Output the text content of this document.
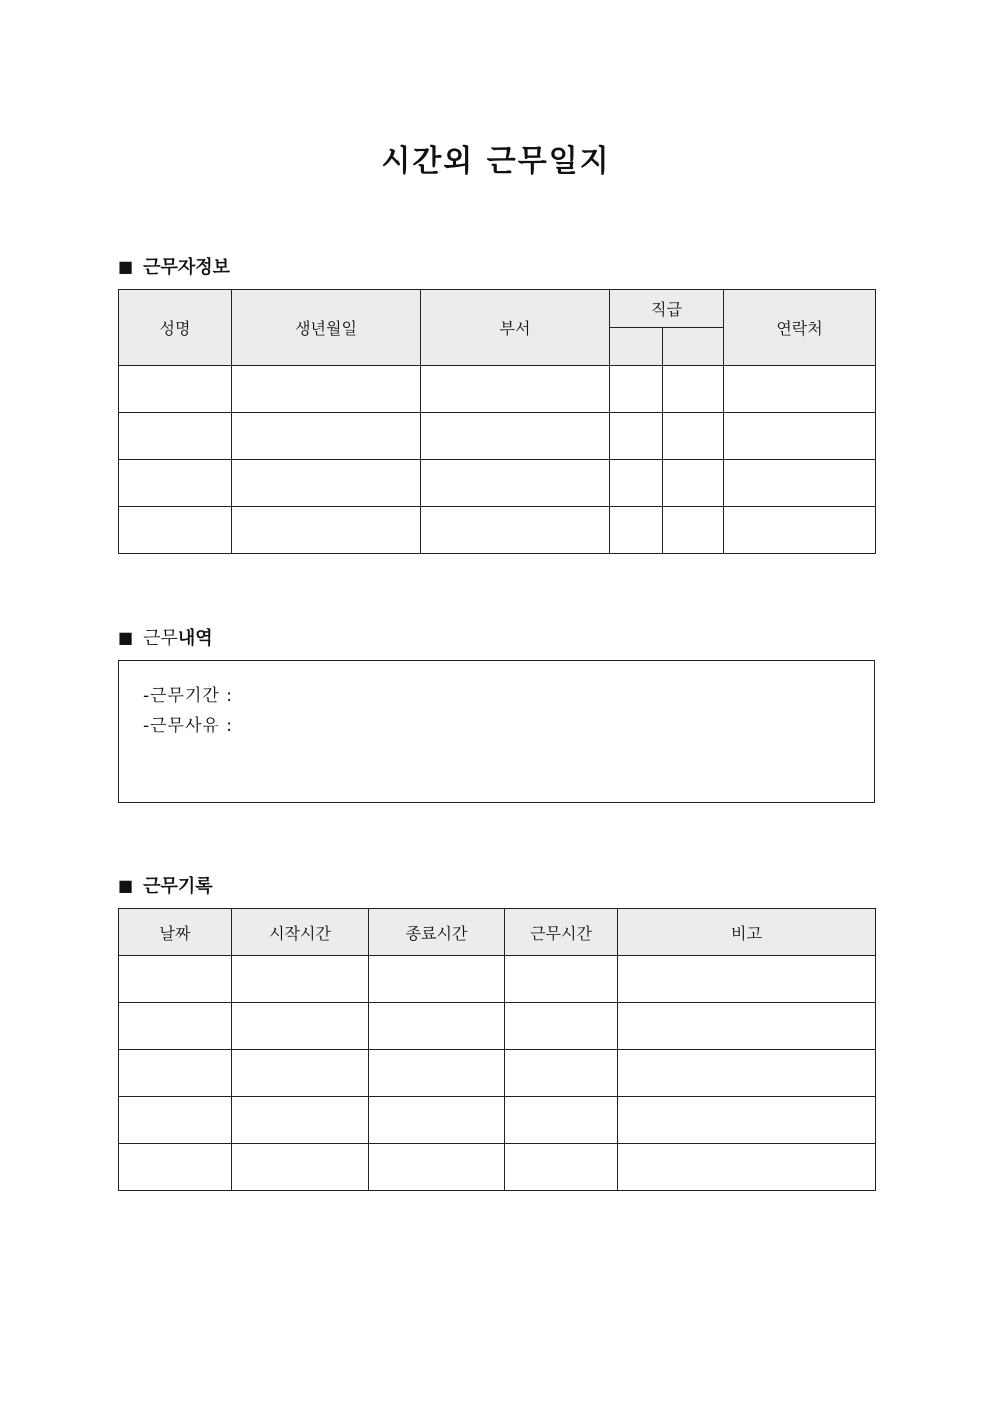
시간외 근무일지
■ 근무자정보
성명	생년월일	부서	직급		연락처

■ 근무 내역
-근무기간 :
-근무사유 :
■ 근무기록
날짜	시작시간	종료시간	근무시간	비고
